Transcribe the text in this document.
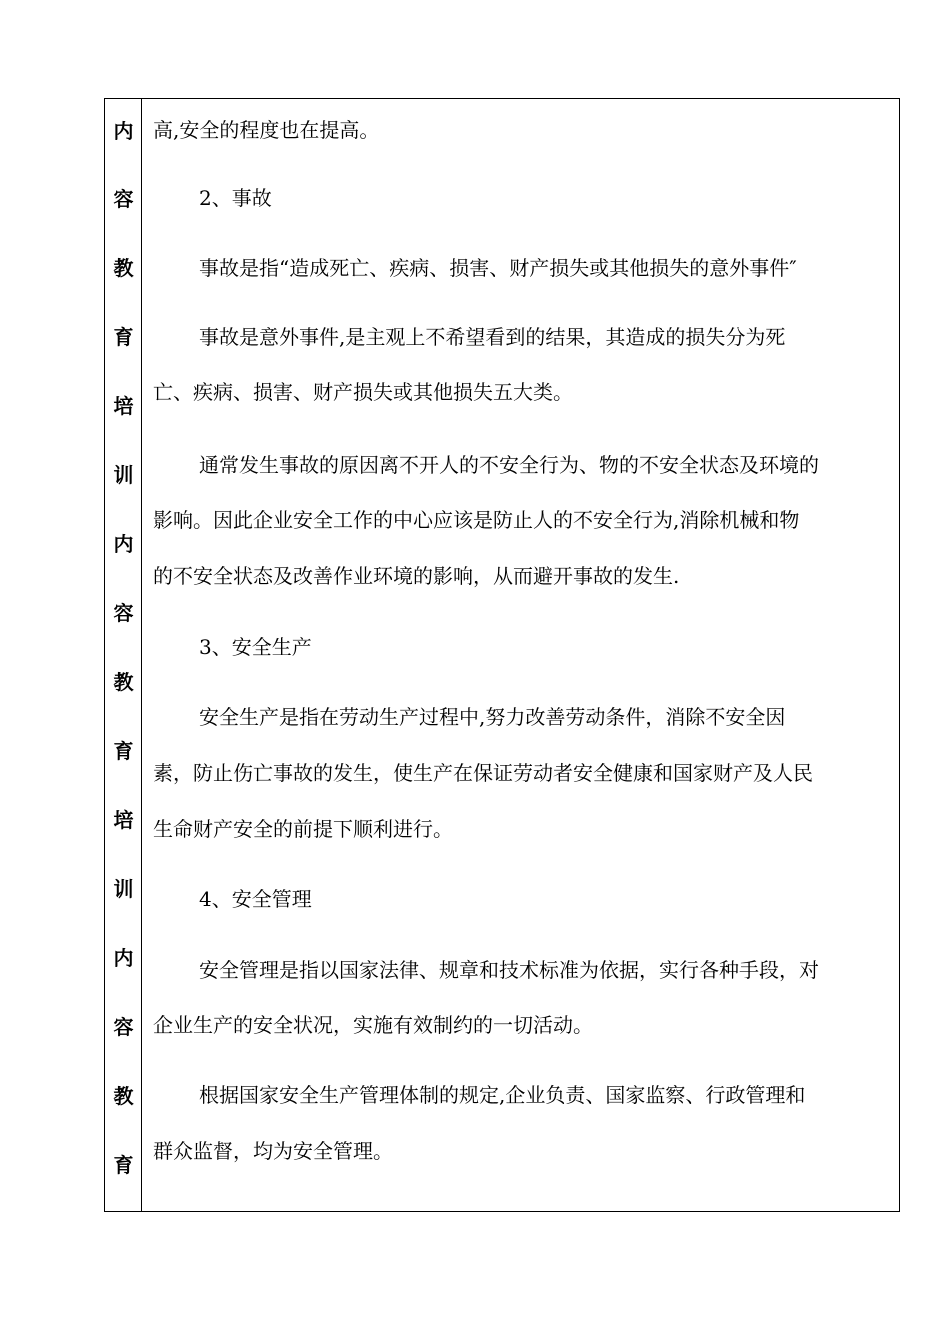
内
容
教
育
培
训
内
容
教
育
培
训
内
容
教
育
高,安全的程度也在提高。
2、事故
事故是指“造成死亡、疾病、损害、财产损失或其他损失的意外事件″
事故是意外事件,是主观上不希望看到的结果，其造成的损失分为死
亡、疾病、损害、财产损失或其他损失五大类。
通常发生事故的原因离不开人的不安全行为、物的不安全状态及环境的
影响。因此企业安全工作的中心应该是防止人的不安全行为,消除机械和物
的不安全状态及改善作业环境的影响，从而避开事故的发生.
3、安全生产
安全生产是指在劳动生产过程中,努力改善劳动条件，消除不安全因
素，防止伤亡事故的发生，使生产在保证劳动者安全健康和国家财产及人民
生命财产安全的前提下顺利进行。
4、安全管理
安全管理是指以国家法律、规章和技术标准为依据，实行各种手段，对
企业生产的安全状况，实施有效制约的一切活动。
根据国家安全生产管理体制的规定,企业负责、国家监察、行政管理和
群众监督，均为安全管理。
